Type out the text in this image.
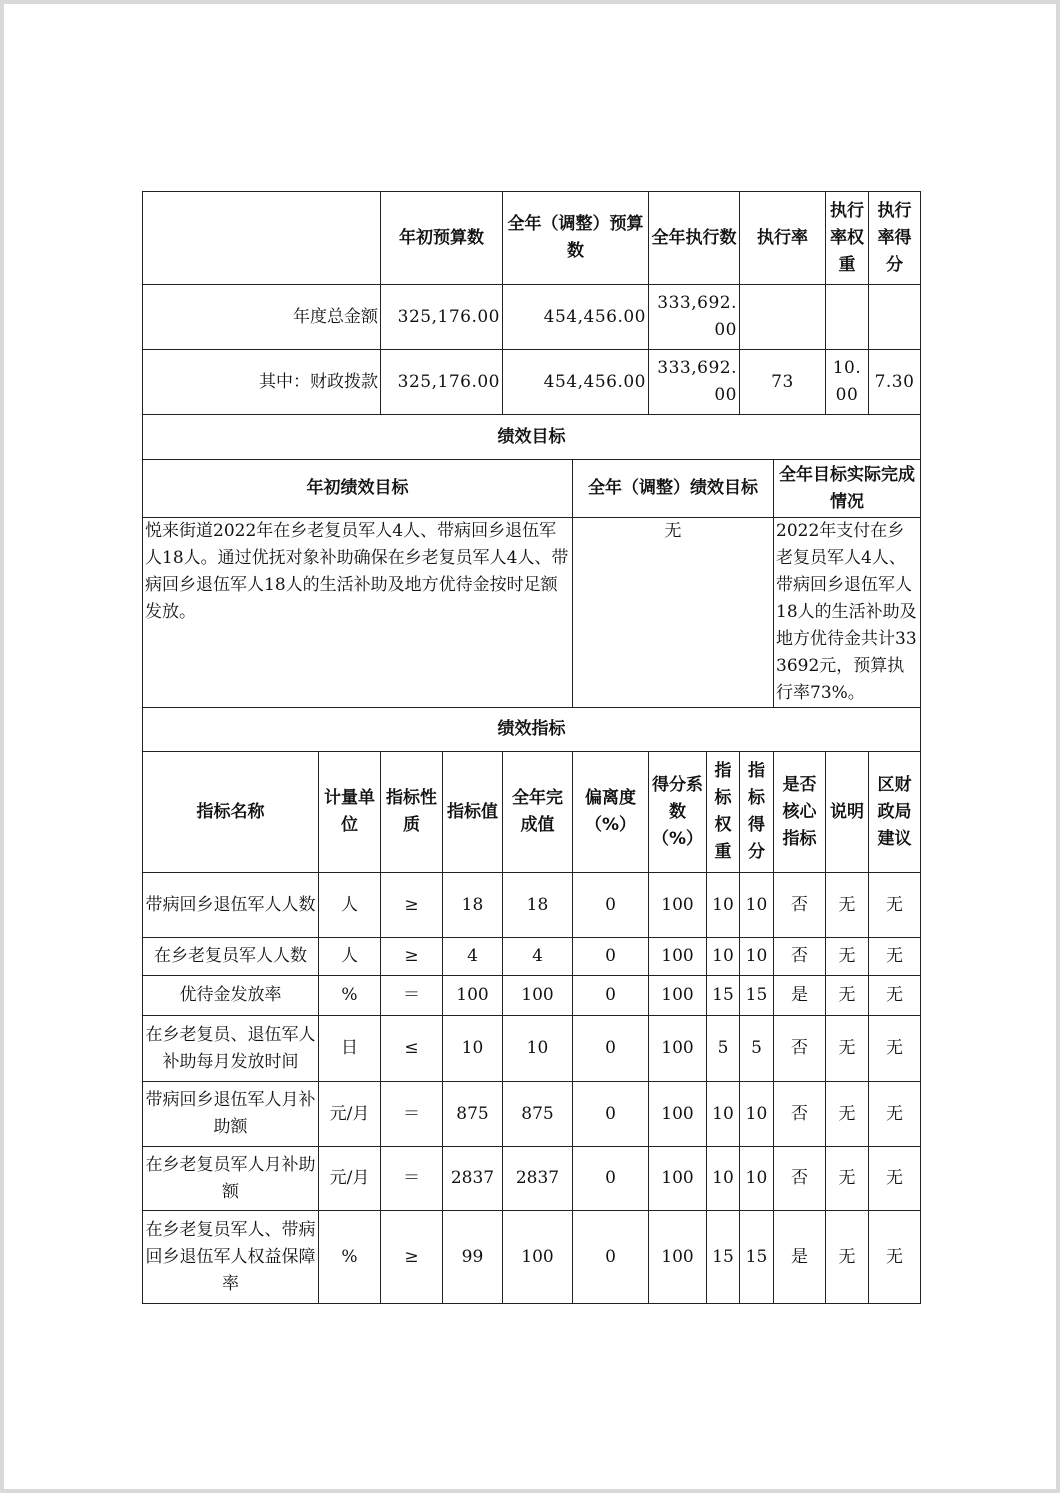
		年初预算数		全年（调整）预算数		全年执行数		执行率		执行率权重	执行率得分
年度总金额		325,176.00		454,456.00		333,692.00					
其中：财政拨款		325,176.00		454,456.00		333,692.00		73		10.00	7.30
绩效目标											
年初绩效目标					全年（调整）绩效目标				全年目标实际完成情况		
悦来街道2022年在乡老复员军人4人、带病回乡退伍军人18人。通过优抚对象补助确保在乡老复员军人4人、带病回乡退伍军人18人的生活补助及地方优待金按时足额发放。					无				2022年支付在乡老复员军人4人、带病回乡退伍军人18人的生活补助及地方优待金共计333692元，预算执行率73%。		
绩效指标											
指标名称	计量单位	指标性质	指标值	全年完成值	偏离度（%）	得分系数（%）	指标权重	指标得分	是否核心指标	说明	区财政局建议
带病回乡退伍军人人数	人	≥	18	18	0	100	10	10	否	无	无
在乡老复员军人人数	人	≥	4	4	0	100	10	10	否	无	无
优待金发放率	%	＝	100	100	0	100	15	15	是	无	无
在乡老复员、退伍军人补助每月发放时间	日	≤	10	10	0	100	5	5	否	无	无
带病回乡退伍军人月补助额	元/月	＝	875	875	0	100	10	10	否	无	无
在乡老复员军人月补助额	元/月	＝	2837	2837	0	100	10	10	否	无	无
在乡老复员军人、带病回乡退伍军人权益保障率	%	≥	99	100	0	100	15	15	是	无	无
